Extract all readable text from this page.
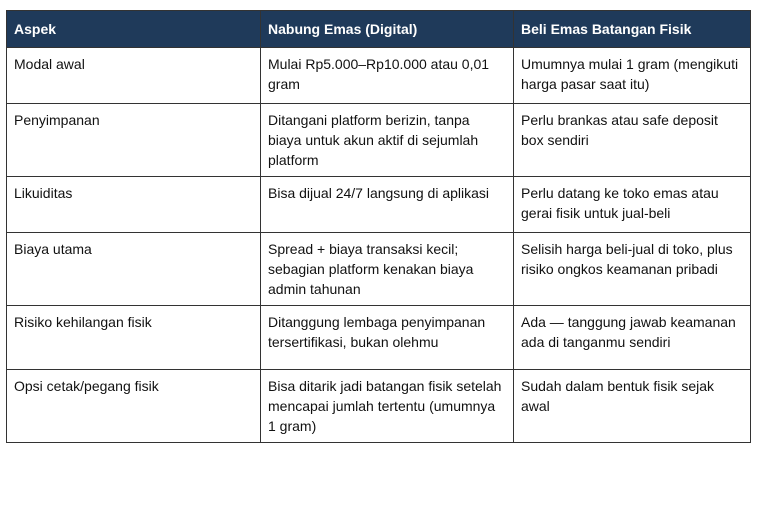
Aspek	Nabung Emas (Digital)	Beli Emas Batangan Fisik
Modal awal	Mulai Rp5.000–Rp10.000 atau 0,01 gram	Umumnya mulai 1 gram (mengikuti harga pasar saat itu)
Penyimpanan	Ditangani platform berizin, tanpa biaya untuk akun aktif di sejumlah platform	Perlu brankas atau safe deposit box sendiri
Likuiditas	Bisa dijual 24/7 langsung di aplikasi	Perlu datang ke toko emas atau gerai fisik untuk jual-beli
Biaya utama	Spread + biaya transaksi kecil; sebagian platform kenakan biaya admin tahunan	Selisih harga beli-jual di toko, plus risiko ongkos keamanan pribadi
Risiko kehilangan fisik	Ditanggung lembaga penyimpanan tersertifikasi, bukan olehmu	Ada — tanggung jawab keamanan ada di tanganmu sendiri
Opsi cetak/pegang fisik	Bisa ditarik jadi batangan fisik setelah mencapai jumlah tertentu (umumnya 1 gram)	Sudah dalam bentuk fisik sejak awal
